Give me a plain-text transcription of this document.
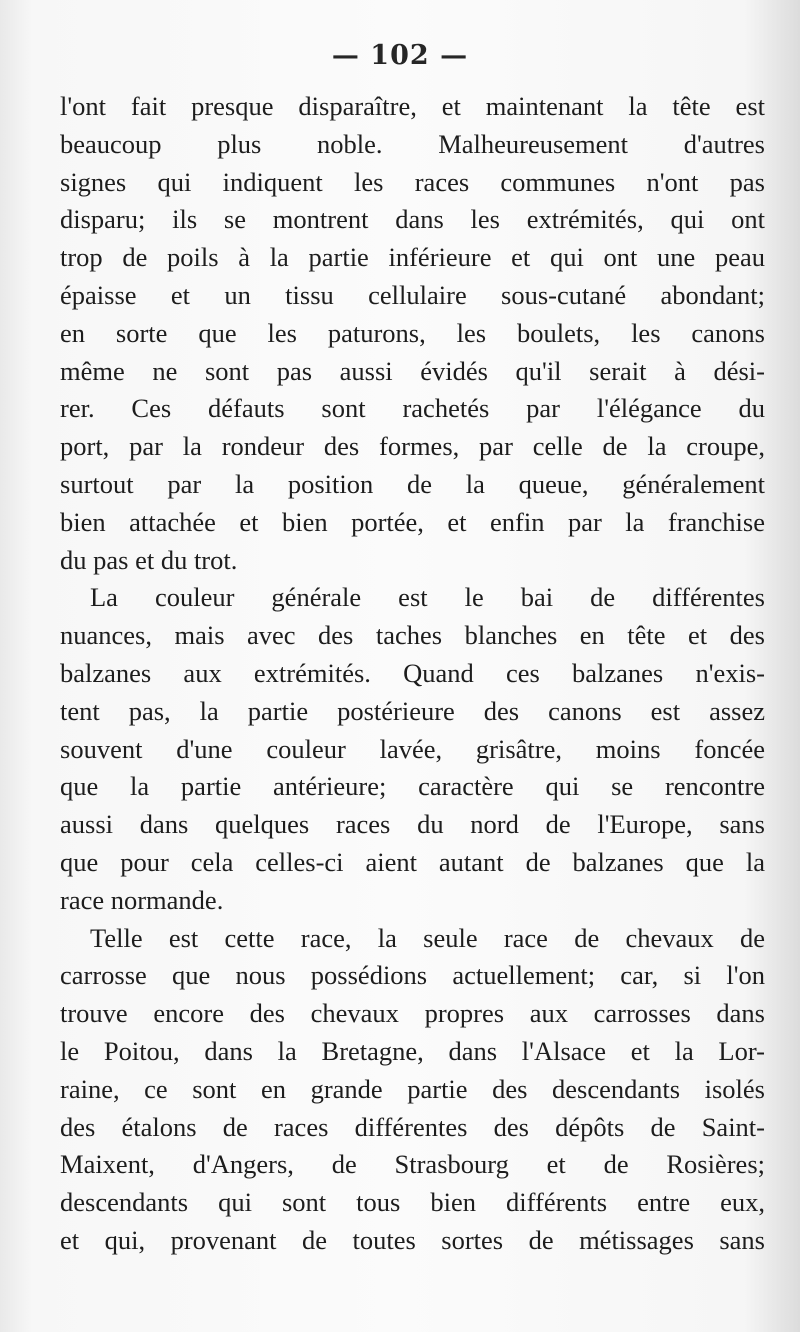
— 102 —
l'ont fait presque disparaître, et maintenant la tête est
beaucoup plus noble. Malheureusement d'autres
signes qui indiquent les races communes n'ont pas
disparu; ils se montrent dans les extrémités, qui ont
trop de poils à la partie inférieure et qui ont une peau
épaisse et un tissu cellulaire sous-cutané abondant;
en sorte que les paturons, les boulets, les canons
même ne sont pas aussi évidés qu'il serait à dési-
rer. Ces défauts sont rachetés par l'élégance du
port, par la rondeur des formes, par celle de la croupe,
surtout par la position de la queue, généralement
bien attachée et bien portée, et enfin par la franchise
du pas et du trot.
La couleur générale est le bai de différentes
nuances, mais avec des taches blanches en tête et des
balzanes aux extrémités. Quand ces balzanes n'exis-
tent pas, la partie postérieure des canons est assez
souvent d'une couleur lavée, grisâtre, moins foncée
que la partie antérieure; caractère qui se rencontre
aussi dans quelques races du nord de l'Europe, sans
que pour cela celles-ci aient autant de balzanes que la
race normande.
Telle est cette race, la seule race de chevaux de
carrosse que nous possédions actuellement; car, si l'on
trouve encore des chevaux propres aux carrosses dans
le Poitou, dans la Bretagne, dans l'Alsace et la Lor-
raine, ce sont en grande partie des descendants isolés
des étalons de races différentes des dépôts de Saint-
Maixent, d'Angers, de Strasbourg et de Rosières;
descendants qui sont tous bien différents entre eux,
et qui, provenant de toutes sortes de métissages sans
